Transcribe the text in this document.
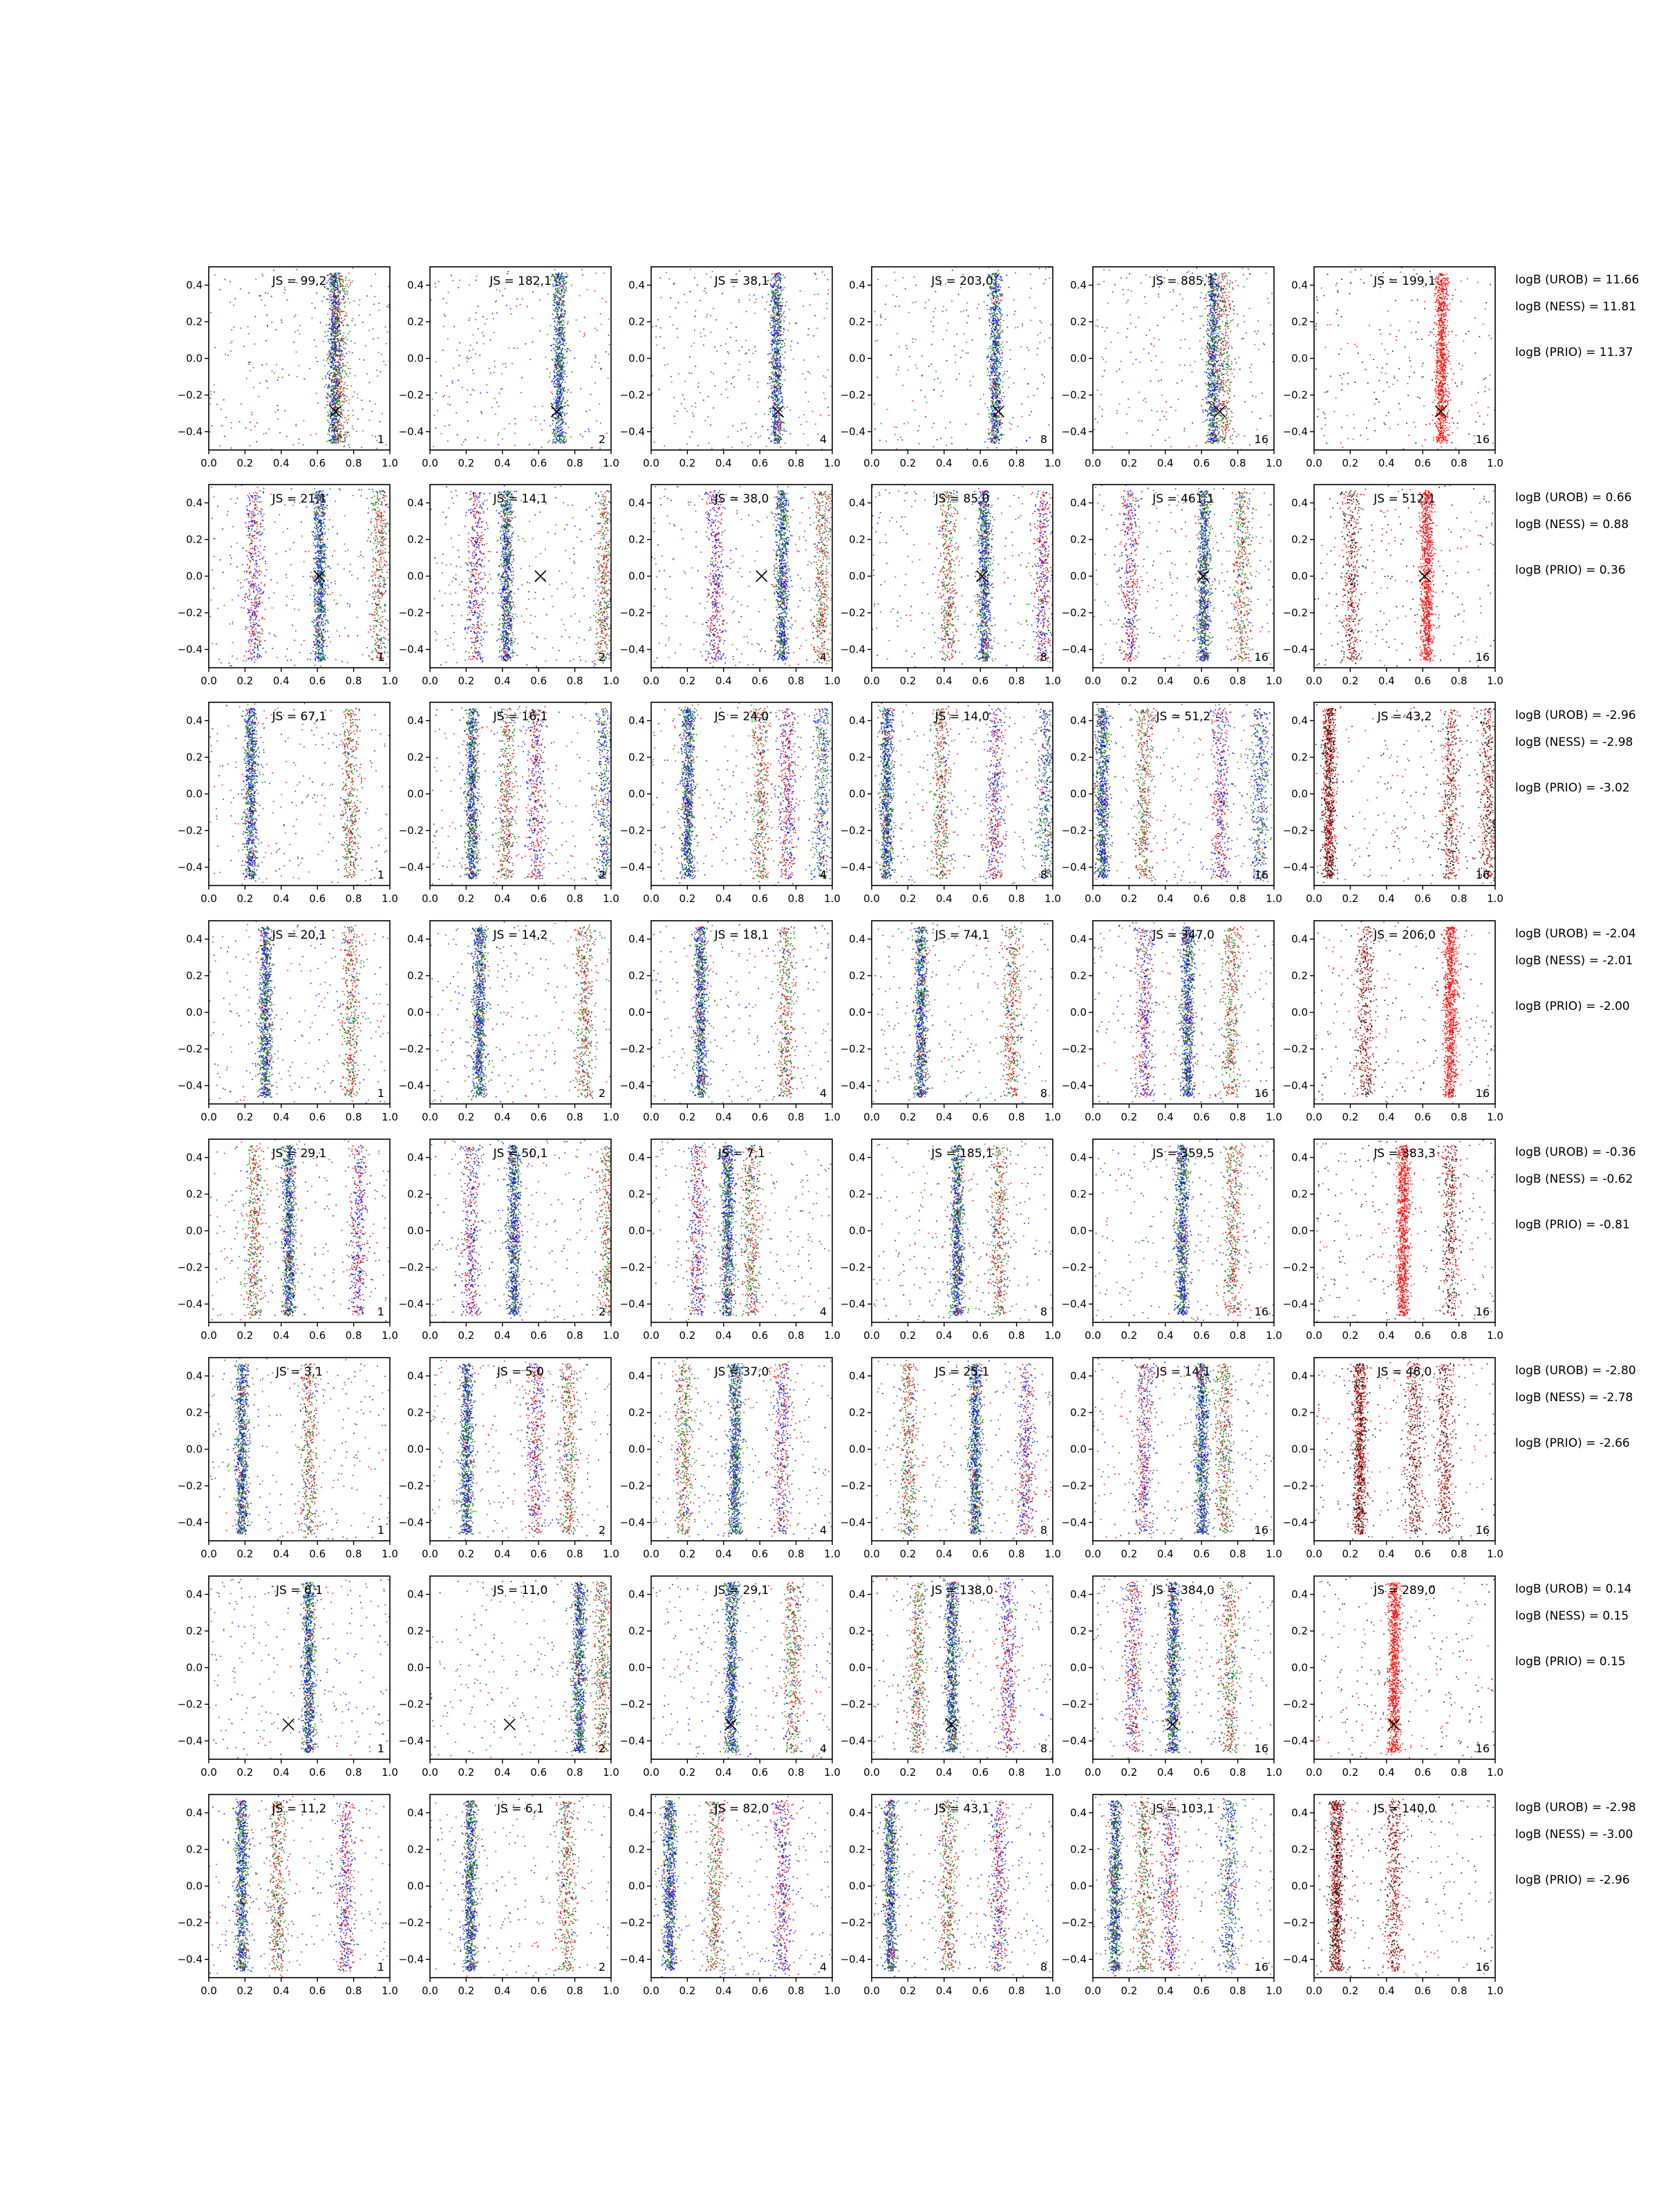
0.4
0.2
0.0
−0.2
−0.4
0.0 0.2 0.4 0.6 0.8 1.0
JS = 99,2
1
0.4
0.2
0.0
−0.2
−0.4
0.0 0.2 0.4 0.6 0.8 1.0
JS = 182,1
2
0.4
0.2
0.0
−0.2
−0.4
0.0 0.2 0.4 0.6 0.8 1.0
JS = 38,1
4
0.4
0.2
0.0
−0.2
−0.4
0.0 0.2 0.4 0.6 0.8 1.0
JS = 203,0
8
0.4
0.2
0.0
−0.2
−0.4
0.0 0.2 0.4 0.6 0.8 1.0
JS = 885,1
16
0.4
0.2
0.0
−0.2
−0.4
0.0 0.2 0.4 0.6 0.8 1.0
JS = 199,1
16
logB (UROB) = 11.66
logB (NESS) = 11.81
logB (PRIO) = 11.37
0.4
0.2
0.0
−0.2
−0.4
0.0 0.2 0.4 0.6 0.8 1.0
JS = 21,1
1
0.4
0.2
0.0
−0.2
−0.4
0.0 0.2 0.4 0.6 0.8 1.0
JS = 14,1
2
0.4
0.2
0.0
−0.2
−0.4
0.0 0.2 0.4 0.6 0.8 1.0
JS = 38,0
4
0.4
0.2
0.0
−0.2
−0.4
0.0 0.2 0.4 0.6 0.8 1.0
JS = 85,0
8
0.4
0.2
0.0
−0.2
−0.4
0.0 0.2 0.4 0.6 0.8 1.0
JS = 461,1
16
0.4
0.2
0.0
−0.2
−0.4
0.0 0.2 0.4 0.6 0.8 1.0
JS = 512,1
16
logB (UROB) = 0.66
logB (NESS) = 0.88
logB (PRIO) = 0.36
0.4
0.2
0.0
−0.2
−0.4
0.0 0.2 0.4 0.6 0.8 1.0
JS = 67,1
1
0.4
0.2
0.0
−0.2
−0.4
0.0 0.2 0.4 0.6 0.8 1.0
JS = 16,1
2
0.4
0.2
0.0
−0.2
−0.4
0.0 0.2 0.4 0.6 0.8 1.0
JS = 24,0
4
0.4
0.2
0.0
−0.2
−0.4
0.0 0.2 0.4 0.6 0.8 1.0
JS = 14,0
8
0.4
0.2
0.0
−0.2
−0.4
0.0 0.2 0.4 0.6 0.8 1.0
JS = 51,2
16
0.4
0.2
0.0
−0.2
−0.4
0.0 0.2 0.4 0.6 0.8 1.0
JS = 43,2
16
logB (UROB) = -2.96
logB (NESS) = -2.98
logB (PRIO) = -3.02
0.4
0.2
0.0
−0.2
−0.4
0.0 0.2 0.4 0.6 0.8 1.0
JS = 20,1
1
0.4
0.2
0.0
−0.2
−0.4
0.0 0.2 0.4 0.6 0.8 1.0
JS = 14,2
2
0.4
0.2
0.0
−0.2
−0.4
0.0 0.2 0.4 0.6 0.8 1.0
JS = 18,1
4
0.4
0.2
0.0
−0.2
−0.4
0.0 0.2 0.4 0.6 0.8 1.0
JS = 74,1
8
0.4
0.2
0.0
−0.2
−0.4
0.0 0.2 0.4 0.6 0.8 1.0
JS = 347,0
16
0.4
0.2
0.0
−0.2
−0.4
0.0 0.2 0.4 0.6 0.8 1.0
JS = 206,0
16
logB (UROB) = -2.04
logB (NESS) = -2.01
logB (PRIO) = -2.00
0.4
0.2
0.0
−0.2
−0.4
0.0 0.2 0.4 0.6 0.8 1.0
JS = 29,1
1
0.4
0.2
0.0
−0.2
−0.4
0.0 0.2 0.4 0.6 0.8 1.0
JS = 50,1
2
0.4
0.2
0.0
−0.2
−0.4
0.0 0.2 0.4 0.6 0.8 1.0
JS = 7,1
4
0.4
0.2
0.0
−0.2
−0.4
0.0 0.2 0.4 0.6 0.8 1.0
JS = 185,1
8
0.4
0.2
0.0
−0.2
−0.4
0.0 0.2 0.4 0.6 0.8 1.0
JS = 359,5
16
0.4
0.2
0.0
−0.2
−0.4
0.0 0.2 0.4 0.6 0.8 1.0
JS = 383,3
16
logB (UROB) = -0.36
logB (NESS) = -0.62
logB (PRIO) = -0.81
0.4
0.2
0.0
−0.2
−0.4
0.0 0.2 0.4 0.6 0.8 1.0
JS = 3,1
1
0.4
0.2
0.0
−0.2
−0.4
0.0 0.2 0.4 0.6 0.8 1.0
JS = 5,0
2
0.4
0.2
0.0
−0.2
−0.4
0.0 0.2 0.4 0.6 0.8 1.0
JS = 37,0
4
0.4
0.2
0.0
−0.2
−0.4
0.0 0.2 0.4 0.6 0.8 1.0
JS = 25,1
8
0.4
0.2
0.0
−0.2
−0.4
0.0 0.2 0.4 0.6 0.8 1.0
JS = 14,1
16
0.4
0.2
0.0
−0.2
−0.4
0.0 0.2 0.4 0.6 0.8 1.0
JS = 46,0
16
logB (UROB) = -2.80
logB (NESS) = -2.78
logB (PRIO) = -2.66
0.4
0.2
0.0
−0.2
−0.4
0.0 0.2 0.4 0.6 0.8 1.0
JS = 6,1
1
0.4
0.2
0.0
−0.2
−0.4
0.0 0.2 0.4 0.6 0.8 1.0
JS = 11,0
2
0.4
0.2
0.0
−0.2
−0.4
0.0 0.2 0.4 0.6 0.8 1.0
JS = 29,1
4
0.4
0.2
0.0
−0.2
−0.4
0.0 0.2 0.4 0.6 0.8 1.0
JS = 138,0
8
0.4
0.2
0.0
−0.2
−0.4
0.0 0.2 0.4 0.6 0.8 1.0
JS = 384,0
16
0.4
0.2
0.0
−0.2
−0.4
0.0 0.2 0.4 0.6 0.8 1.0
JS = 289,0
16
logB (UROB) = 0.14
logB (NESS) = 0.15
logB (PRIO) = 0.15
0.4
0.2
0.0
−0.2
−0.4
0.0 0.2 0.4 0.6 0.8 1.0
JS = 11,2
1
0.4
0.2
0.0
−0.2
−0.4
0.0 0.2 0.4 0.6 0.8 1.0
JS = 6,1
2
0.4
0.2
0.0
−0.2
−0.4
0.0 0.2 0.4 0.6 0.8 1.0
JS = 82,0
4
0.4
0.2
0.0
−0.2
−0.4
0.0 0.2 0.4 0.6 0.8 1.0
JS = 43,1
8
0.4
0.2
0.0
−0.2
−0.4
0.0 0.2 0.4 0.6 0.8 1.0
JS = 103,1
16
0.4
0.2
0.0
−0.2
−0.4
0.0 0.2 0.4 0.6 0.8 1.0
JS = 140,0
16
logB (UROB) = -2.98
logB (NESS) = -3.00
logB (PRIO) = -2.96
